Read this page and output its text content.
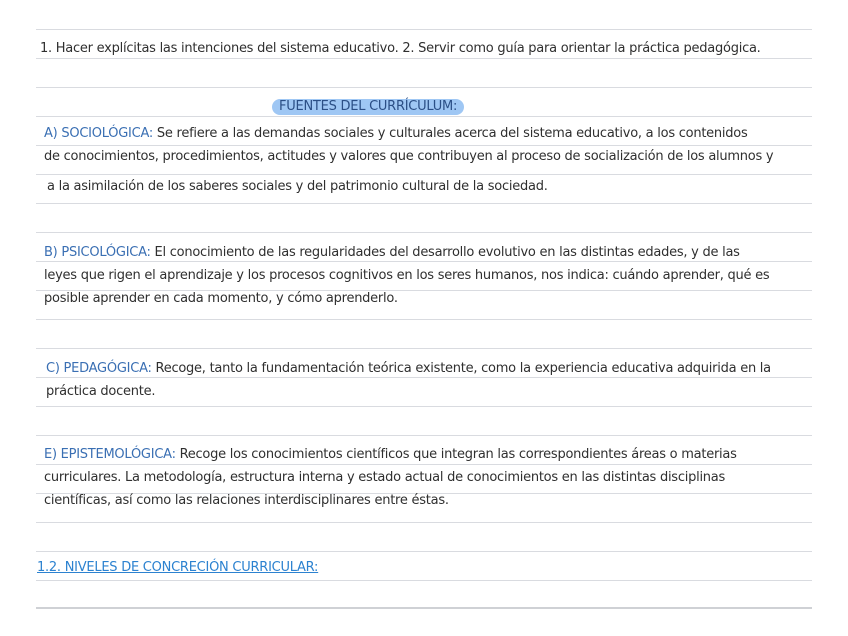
1. Hacer explícitas las intenciones del sistema educativo. 2. Servir como guía para orientar la práctica pedagógica.
FUENTES DEL CURRÍCULUM:
A) SOCIOLÓGICA: Se refiere a las demandas sociales y culturales acerca del sistema educativo, a los contenidos
de conocimientos, procedimientos, actitudes y valores que contribuyen al proceso de socialización de los alumnos y
a la asimilación de los saberes sociales y del patrimonio cultural de la sociedad.
B) PSICOLÓGICA: El conocimiento de las regularidades del desarrollo evolutivo en las distintas edades, y de las
leyes que rigen el aprendizaje y los procesos cognitivos en los seres humanos, nos indica: cuándo aprender, qué es
posible aprender en cada momento, y cómo aprenderlo.
C) PEDAGÓGICA: Recoge, tanto la fundamentación teórica existente, como la experiencia educativa adquirida en la
práctica docente.
E) EPISTEMOLÓGICA: Recoge los conocimientos científicos que integran las correspondientes áreas o materias
curriculares. La metodología, estructura interna y estado actual de conocimientos en las distintas disciplinas
científicas, así como las relaciones interdisciplinares entre éstas.
1.2. NIVELES DE CONCRECIÓN CURRICULAR:
